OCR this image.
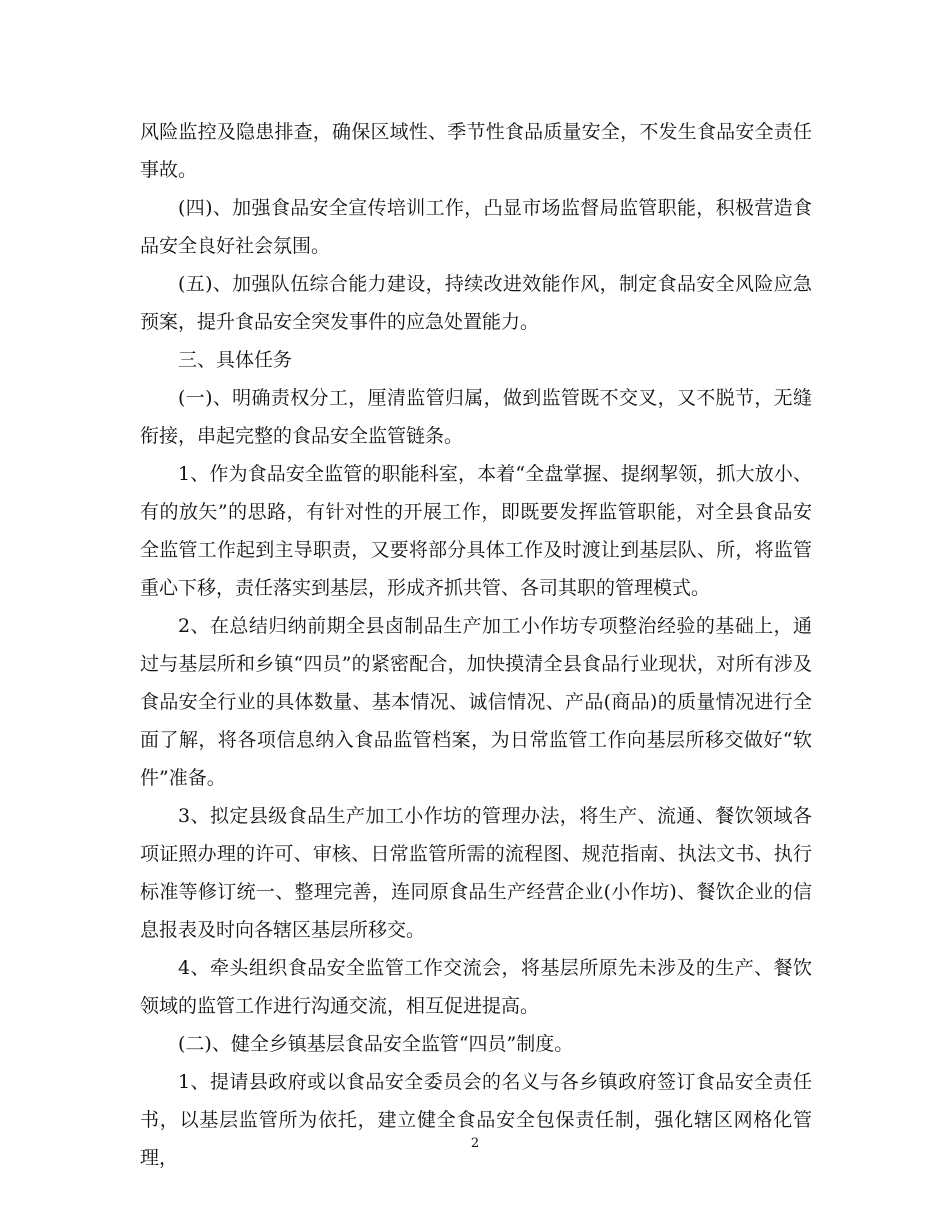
风险监控及隐患排查，确保区域性、季节性食品质量安全，不发生食品安全责任事故。

(四)、加强食品安全宣传培训工作，凸显市场监督局监管职能，积极营造食品安全良好社会氛围。

(五)、加强队伍综合能力建设，持续改进效能作风，制定食品安全风险应急预案，提升食品安全突发事件的应急处置能力。

三、具体任务

(一)、明确责权分工，厘清监管归属，做到监管既不交叉，又不脱节，无缝衔接，串起完整的食品安全监管链条。

1、作为食品安全监管的职能科室，本着“全盘掌握、提纲挈领，抓大放小、有的放矢”的思路，有针对性的开展工作，即既要发挥监管职能，对全县食品安全监管工作起到主导职责，又要将部分具体工作及时渡让到基层队、所，将监管重心下移，责任落实到基层，形成齐抓共管、各司其职的管理模式。

2、在总结归纳前期全县卤制品生产加工小作坊专项整治经验的基础上，通过与基层所和乡镇“四员”的紧密配合，加快摸清全县食品行业现状，对所有涉及食品安全行业的具体数量、基本情况、诚信情况、产品(商品)的质量情况进行全面了解，将各项信息纳入食品监管档案，为日常监管工作向基层所移交做好“软件”准备。

3、拟定县级食品生产加工小作坊的管理办法，将生产、流通、餐饮领域各项证照办理的许可、审核、日常监管所需的流程图、规范指南、执法文书、执行标准等修订统一、整理完善，连同原食品生产经营企业(小作坊)、餐饮企业的信息报表及时向各辖区基层所移交。

4、牵头组织食品安全监管工作交流会，将基层所原先未涉及的生产、餐饮领域的监管工作进行沟通交流，相互促进提高。

(二)、健全乡镇基层食品安全监管“四员”制度。

1、提请县政府或以食品安全委员会的名义与各乡镇政府签订食品安全责任书，以基层监管所为依托，建立健全食品安全包保责任制，强化辖区网格化管理，

2
